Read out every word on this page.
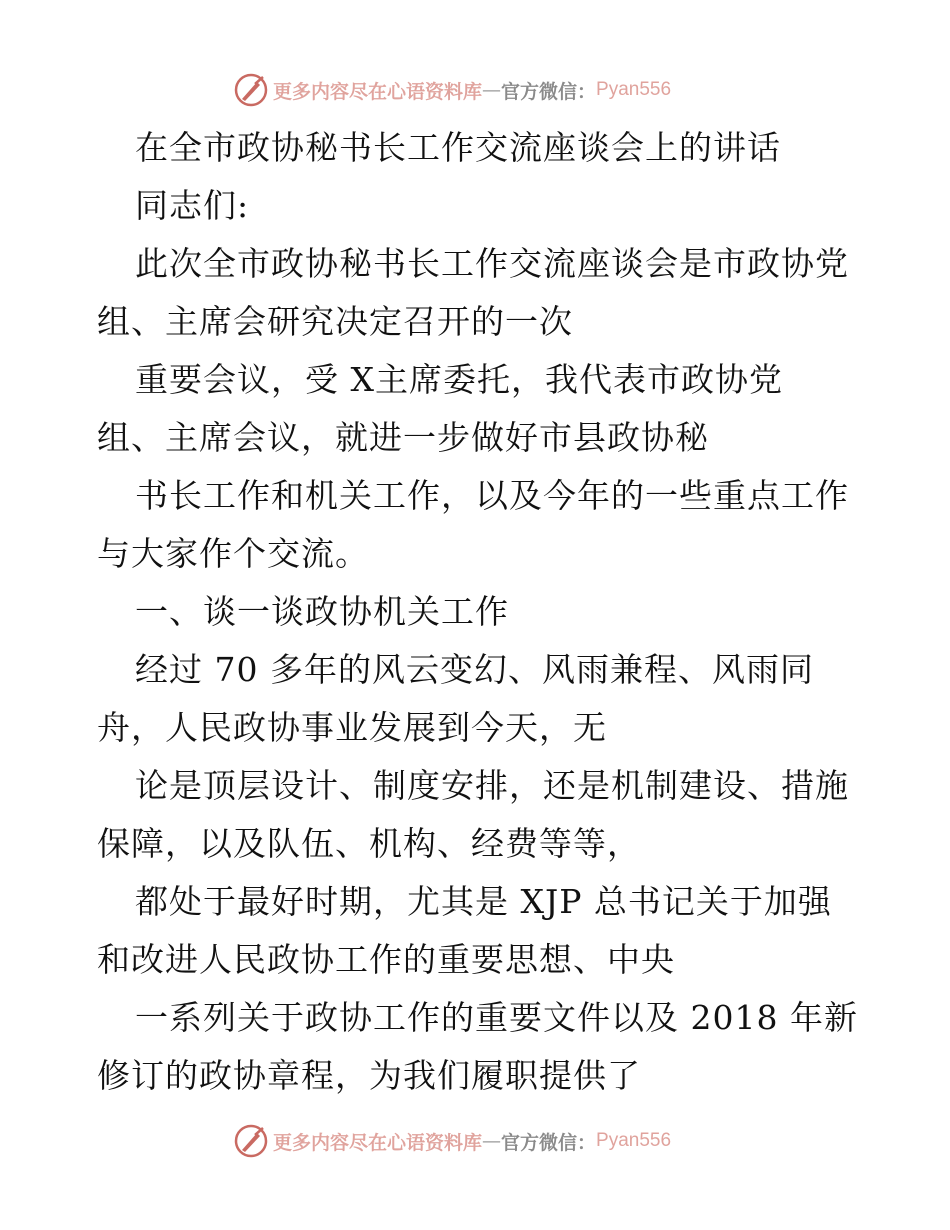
更多内容尽在心语资料库 — 官方微信： Pyan556
在全市政协秘书长工作交流座谈会上的讲话
同志们:
此次全市政协秘书长工作交流座谈会是市政协党
组、主席会研究决定召开的一次
重要会议，受 X主席委托，我代表市政协党
组、主席会议，就进一步做好市县政协秘
书长工作和机关工作，以及今年的一些重点工作
与大家作个交流。
一、谈一谈政协机关工作
经过 70 多年的风云变幻、风雨兼程、风雨同
舟，人民政协事业发展到今天，无
论是顶层设计、制度安排，还是机制建设、措施
保障，以及队伍、机构、经费等等，
都处于最好时期，尤其是 XJP 总书记关于加强
和改进人民政协工作的重要思想、中央
一系列关于政协工作的重要文件以及 2018 年新
修订的政协章程，为我们履职提供了
更多内容尽在心语资料库 — 官方微信： Pyan556
